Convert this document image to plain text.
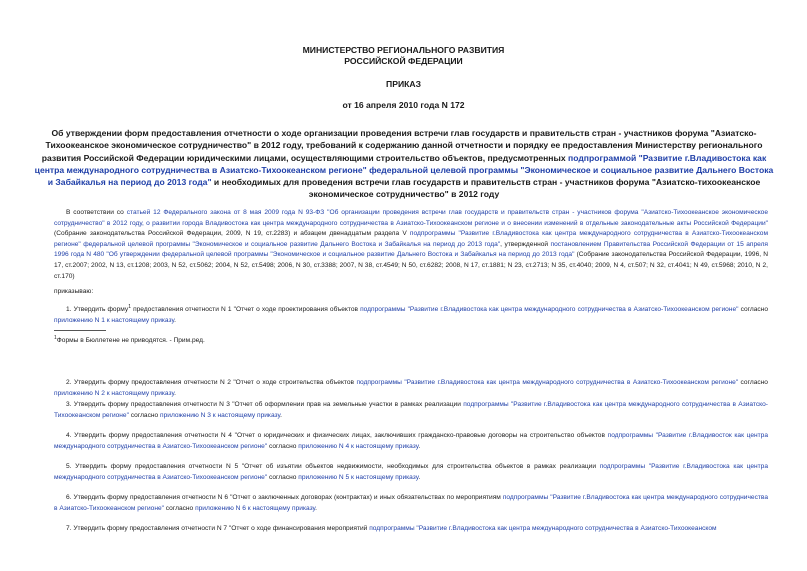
МИНИСТЕРСТВО РЕГИОНАЛЬНОГО РАЗВИТИЯ
РОССИЙСКОЙ ФЕДЕРАЦИИ
ПРИКАЗ
от 16 апреля 2010 года N 172
Об утверждении форм предоставления отчетности о ходе организации проведения встречи глав государств и правительств стран - участников форума "Азиатско-Тихоокеанское экономическое сотрудничество" в 2012 году, требований к содержанию данной отчетности и порядку ее предоставления Министерству регионального развития Российской Федерации юридическими лицами, осуществляющими строительство объектов, предусмотренных подпрограммой "Развитие г.Владивостока как центра международного сотрудничества в Азиатско-Тихоокеанском регионе" федеральной целевой программы "Экономическое и социальное развитие Дальнего Востока и Забайкалья на период до 2013 года" и необходимых для проведения встречи глав государств и правительств стран - участников форума "Азиатско-тихоокеанское экономическое сотрудничество" в 2012 году
В соответствии со статьей 12 Федерального закона от 8 мая 2009 года N 93-ФЗ "Об организации проведения встречи глав государств и правительств стран - участников форума "Азиатско-Тихоокеанское экономическое сотрудничество" в 2012 году, о развитии города Владивостока как центра международного сотрудничества в Азиатско-Тихоокеанском регионе и о внесении изменений в отдельные законодательные акты Российской Федерации" (Собрание законодательства Российской Федерации, 2009, N 19, ст.2283) и абзацем двенадцатым раздела V подпрограммы "Развитие г.Владивостока как центра международного сотрудничества в Азиатско-Тихоокеанском регионе" федеральной целевой программы "Экономическое и социальное развитие Дальнего Востока и Забайкалья на период до 2013 года", утвержденной постановлением Правительства Российской Федерации от 15 апреля 1996 года N 480 "Об утверждении федеральной целевой программы "Экономическое и социальное развитие Дальнего Востока и Забайкалья на период до 2013 года" (Собрание законодательства Российской Федерации, 1996, N 17, ст.2007; 2002, N 13, ст.1208; 2003, N 52, ст.5062; 2004, N 52, ст.5498; 2006, N 30, ст.3388; 2007, N 38, ст.4549; N 50, ст.6282; 2008, N 17, ст.1881; N 23, ст.2713; N 35, ст.4040; 2009, N 4, ст.507; N 32, ст.4041; N 49, ст.5968; 2010, N 2, ст.170)
приказываю:
1. Утвердить форму$^1$ предоставления отчетности N 1 "Отчет о ходе проектирования объектов подпрограммы "Развитие г.Владивостока как центра международного сотрудничества в Азиатско-Тихоокеанском регионе" согласно приложению N 1 к настоящему приказу.
$^1$Формы в Бюллетене не приводятся. - Прим.ред.
2. Утвердить форму предоставления отчетности N 2 "Отчет о ходе строительства объектов подпрограммы "Развитие г.Владивостока как центра международного сотрудничества в Азиатско-Тихоокеанском регионе" согласно приложению N 2 к настоящему приказу.
3. Утвердить форму предоставления отчетности N 3 "Отчет об оформлении прав на земельные участки в рамках реализации подпрограммы "Развитие г.Владивостока как центра международного сотрудничества в Азиатско-Тихоокеанском регионе" согласно приложению N 3 к настоящему приказу.
4. Утвердить форму предоставления отчетности N 4 "Отчет о юридических и физических лицах, заключивших гражданско-правовые договоры на строительство объектов подпрограммы "Развитие г.Владивосток как центра международного сотрудничества в Азиатско-Тихоокеанском регионе" согласно приложению N 4 к настоящему приказу.
5. Утвердить форму предоставления отчетности N 5 "Отчет об изъятии объектов недвижимости, необходимых для строительства объектов в рамках реализации подпрограммы "Развитие г.Владивостока как центра международного сотрудничества в Азиатско-Тихоокеанском регионе" согласно приложению N 5 к настоящему приказу.
6. Утвердить форму предоставления отчетности N 6 "Отчет о заключенных договорах (контрактах) и иных обязательствах по мероприятиям подпрограммы "Развитие г.Владивостока как центра международного сотрудничества в Азиатско-Тихоокеанском регионе" согласно приложению N 6 к настоящему приказу.
7. Утвердить форму предоставления отчетности N 7 "Отчет о ходе финансирования мероприятий подпрограммы "Развитие г.Владивостока как центра международного сотрудничества в Азиатско-Тихоокеанском
